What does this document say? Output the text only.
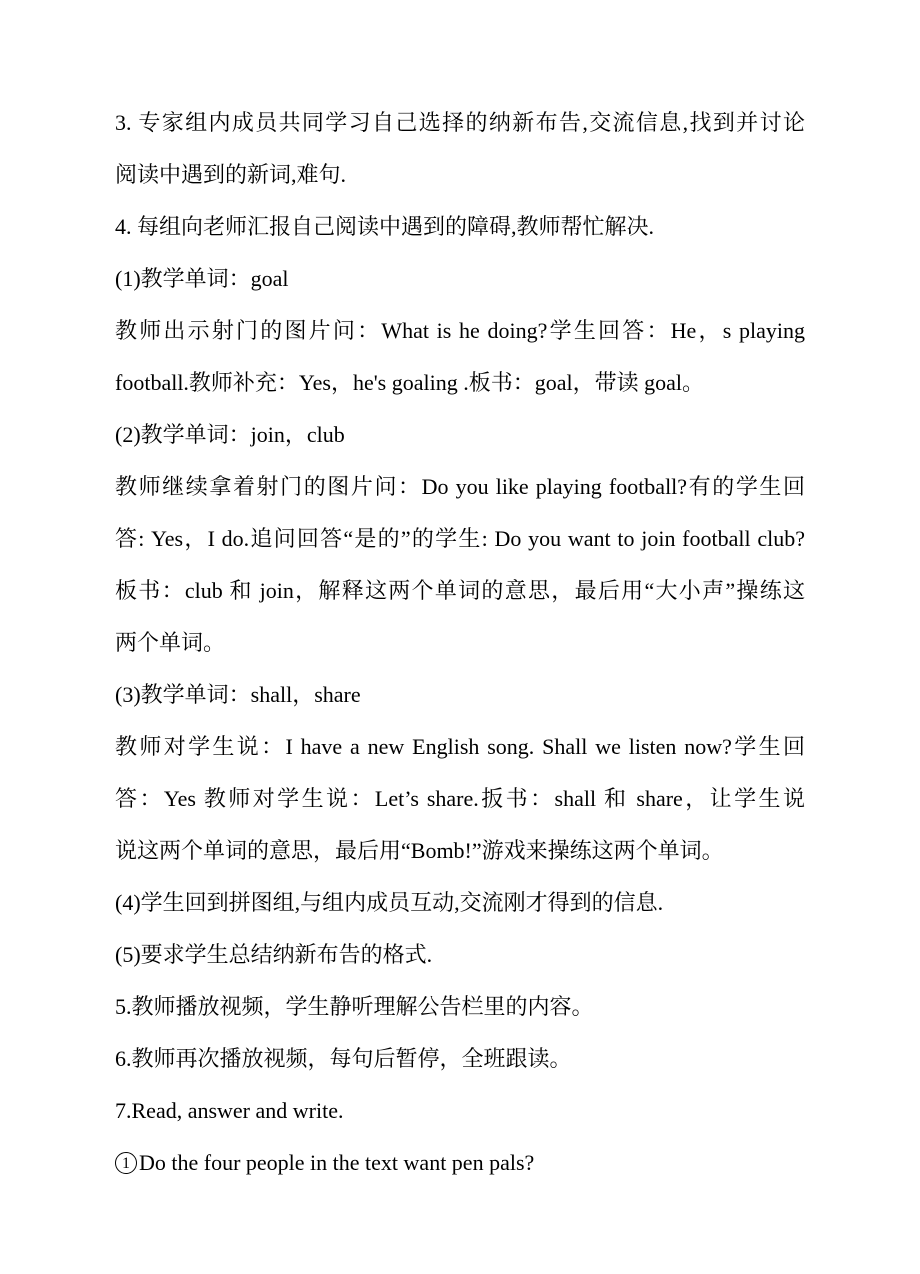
3. 专家组内成员共同学习自己选择的纳新布告,交流信息,找到并讨论
阅读中遇到的新词,难句.
4. 每组向老师汇报自己阅读中遇到的障碍,教师帮忙解决.
(1)教学单词：goal
教师出示射门的图片问：What is he doing?学生回答：He，s playing
football.教师补充：Yes，he's goaling .板书：goal，带读 goal。
(2)教学单词：join，club
教师继续拿着射门的图片问：Do you like playing football?有的学生回
答: Yes，I do.追问回答“是的”的学生: Do you want to join football club?
板书：club 和 join，解释这两个单词的意思，最后用“大小声”操练这
两个单词。
(3)教学单词：shall，share
教师对学生说：I have a new English song. Shall we listen now?学生回
答：Yes 教师对学生说：Let’s share.扳书：shall 和 share，让学生说
说这两个单词的意思，最后用“Bomb!”游戏来操练这两个单词。
(4)学生回到拼图组,与组内成员互动,交流刚才得到的信息.
(5)要求学生总结纳新布告的格式.
5.教师播放视频，学生静听理解公告栏里的内容。
6.教师再次播放视频，每句后暂停，全班跟读。
7.Read, answer and write.
1 Do the four people in the text want pen pals?
